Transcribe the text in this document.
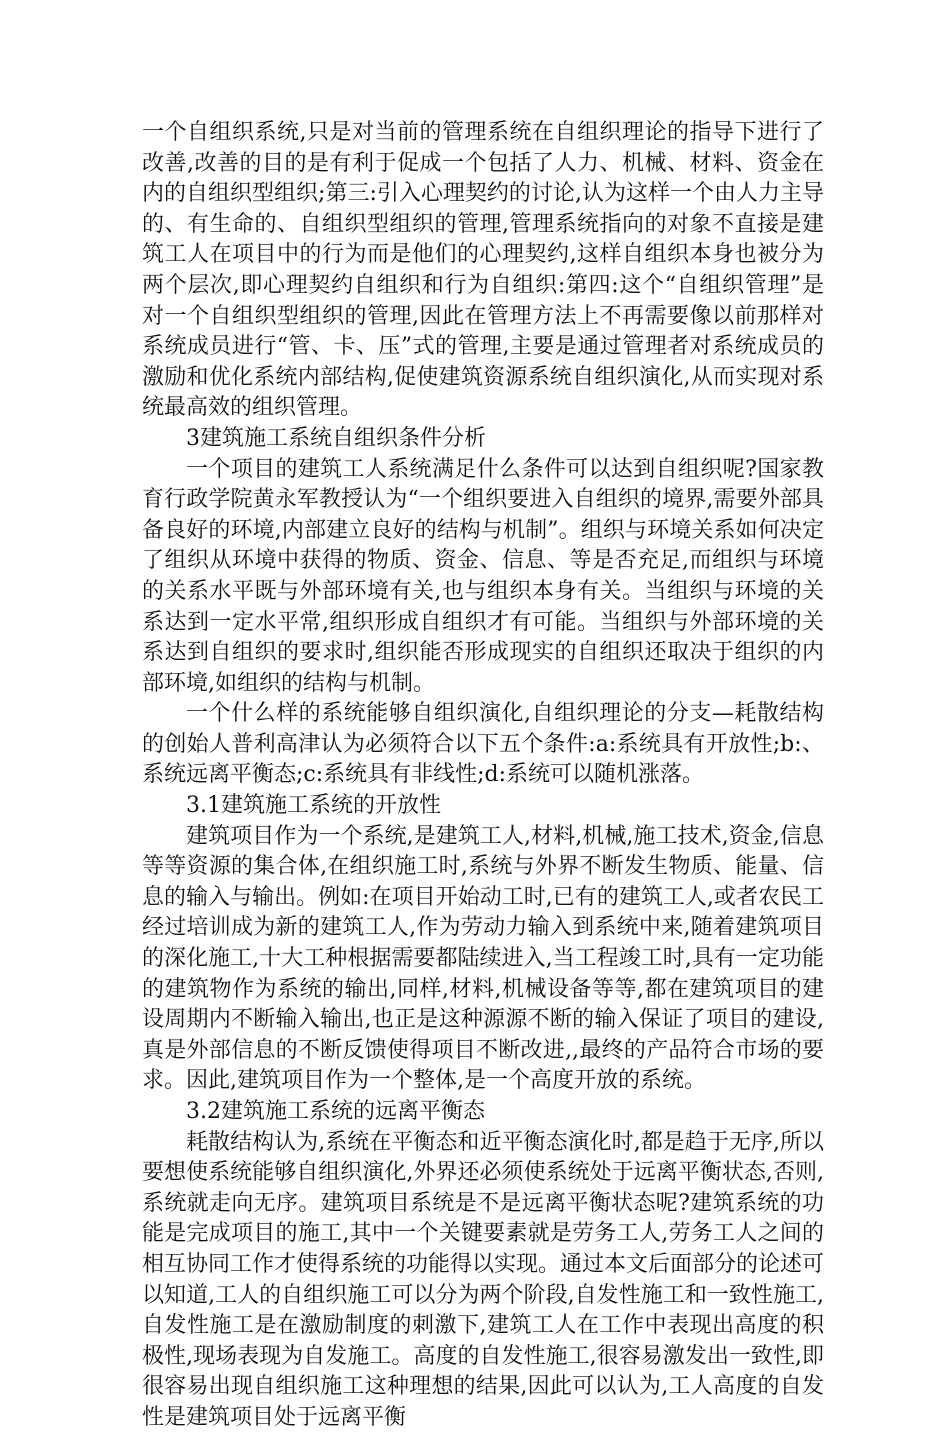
一个自组织系统,只是对当前的管理系统在自组织理论的指导下进行了改善,改善的目的是有利于促成一个包括了人力、机械、材料、资金在内的自组织型组织;第三:引入心理契约的讨论,认为这样一个由人力主导的、有生命的、自组织型组织的管理,管理系统指向的对象不直接是建筑工人在项目中的行为而是他们的心理契约,这样自组织本身也被分为两个层次,即心理契约自组织和行为自组织:第四:这个“自组织管理”是对一个自组织型组织的管理,因此在管理方法上不再需要像以前那样对系统成员进行“管、卡、压”式的管理,主要是通过管理者对系统成员的激励和优化系统内部结构,促使建筑资源系统自组织演化,从而实现对系统最高效的组织管理。

3建筑施工系统自组织条件分析

一个项目的建筑工人系统满足什么条件可以达到自组织呢?国家教育行政学院黄永军教授认为“一个组织要进入自组织的境界,需要外部具备良好的环境,内部建立良好的结构与机制”。组织与环境关系如何决定了组织从环境中获得的物质、资金、信息、等是否充足,而组织与环境的关系水平既与外部环境有关,也与组织本身有关。当组织与环境的关系达到一定水平常,组织形成自组织才有可能。当组织与外部环境的关系达到自组织的要求时,组织能否形成现实的自组织还取决于组织的内部环境,如组织的结构与机制。

一个什么样的系统能够自组织演化,自组织理论的分支—耗散结构的创始人普利高津认为必须符合以下五个条件:a:系统具有开放性;b:、系统远离平衡态;c:系统具有非线性;d:系统可以随机涨落。

3.1建筑施工系统的开放性

建筑项目作为一个系统,是建筑工人,材料,机械,施工技术,资金,信息等等资源的集合体,在组织施工时,系统与外界不断发生物质、能量、信息的输入与输出。例如:在项目开始动工时,已有的建筑工人,或者农民工经过培训成为新的建筑工人,作为劳动力输入到系统中来,随着建筑项目的深化施工,十大工种根据需要都陆续进入,当工程竣工时,具有一定功能的建筑物作为系统的输出,同样,材料,机械设备等等,都在建筑项目的建设周期内不断输入输出,也正是这种源源不断的输入保证了项目的建设,真是外部信息的不断反馈使得项目不断改进,,最终的产品符合市场的要求。因此,建筑项目作为一个整体,是一个高度开放的系统。

3.2建筑施工系统的远离平衡态

耗散结构认为,系统在平衡态和近平衡态演化时,都是趋于无序,所以要想使系统能够自组织演化,外界还必须使系统处于远离平衡状态,否则,系统就走向无序。建筑项目系统是不是远离平衡状态呢?建筑系统的功能是完成项目的施工,其中一个关键要素就是劳务工人,劳务工人之间的相互协同工作才使得系统的功能得以实现。通过本文后面部分的论述可以知道,工人的自组织施工可以分为两个阶段,自发性施工和一致性施工,自发性施工是在激励制度的刺激下,建筑工人在工作中表现出高度的积极性,现场表现为自发施工。高度的自发性施工,很容易激发出一致性,即很容易出现自组织施工这种理想的结果,因此可以认为,工人高度的自发性是建筑项目处于远离平衡
